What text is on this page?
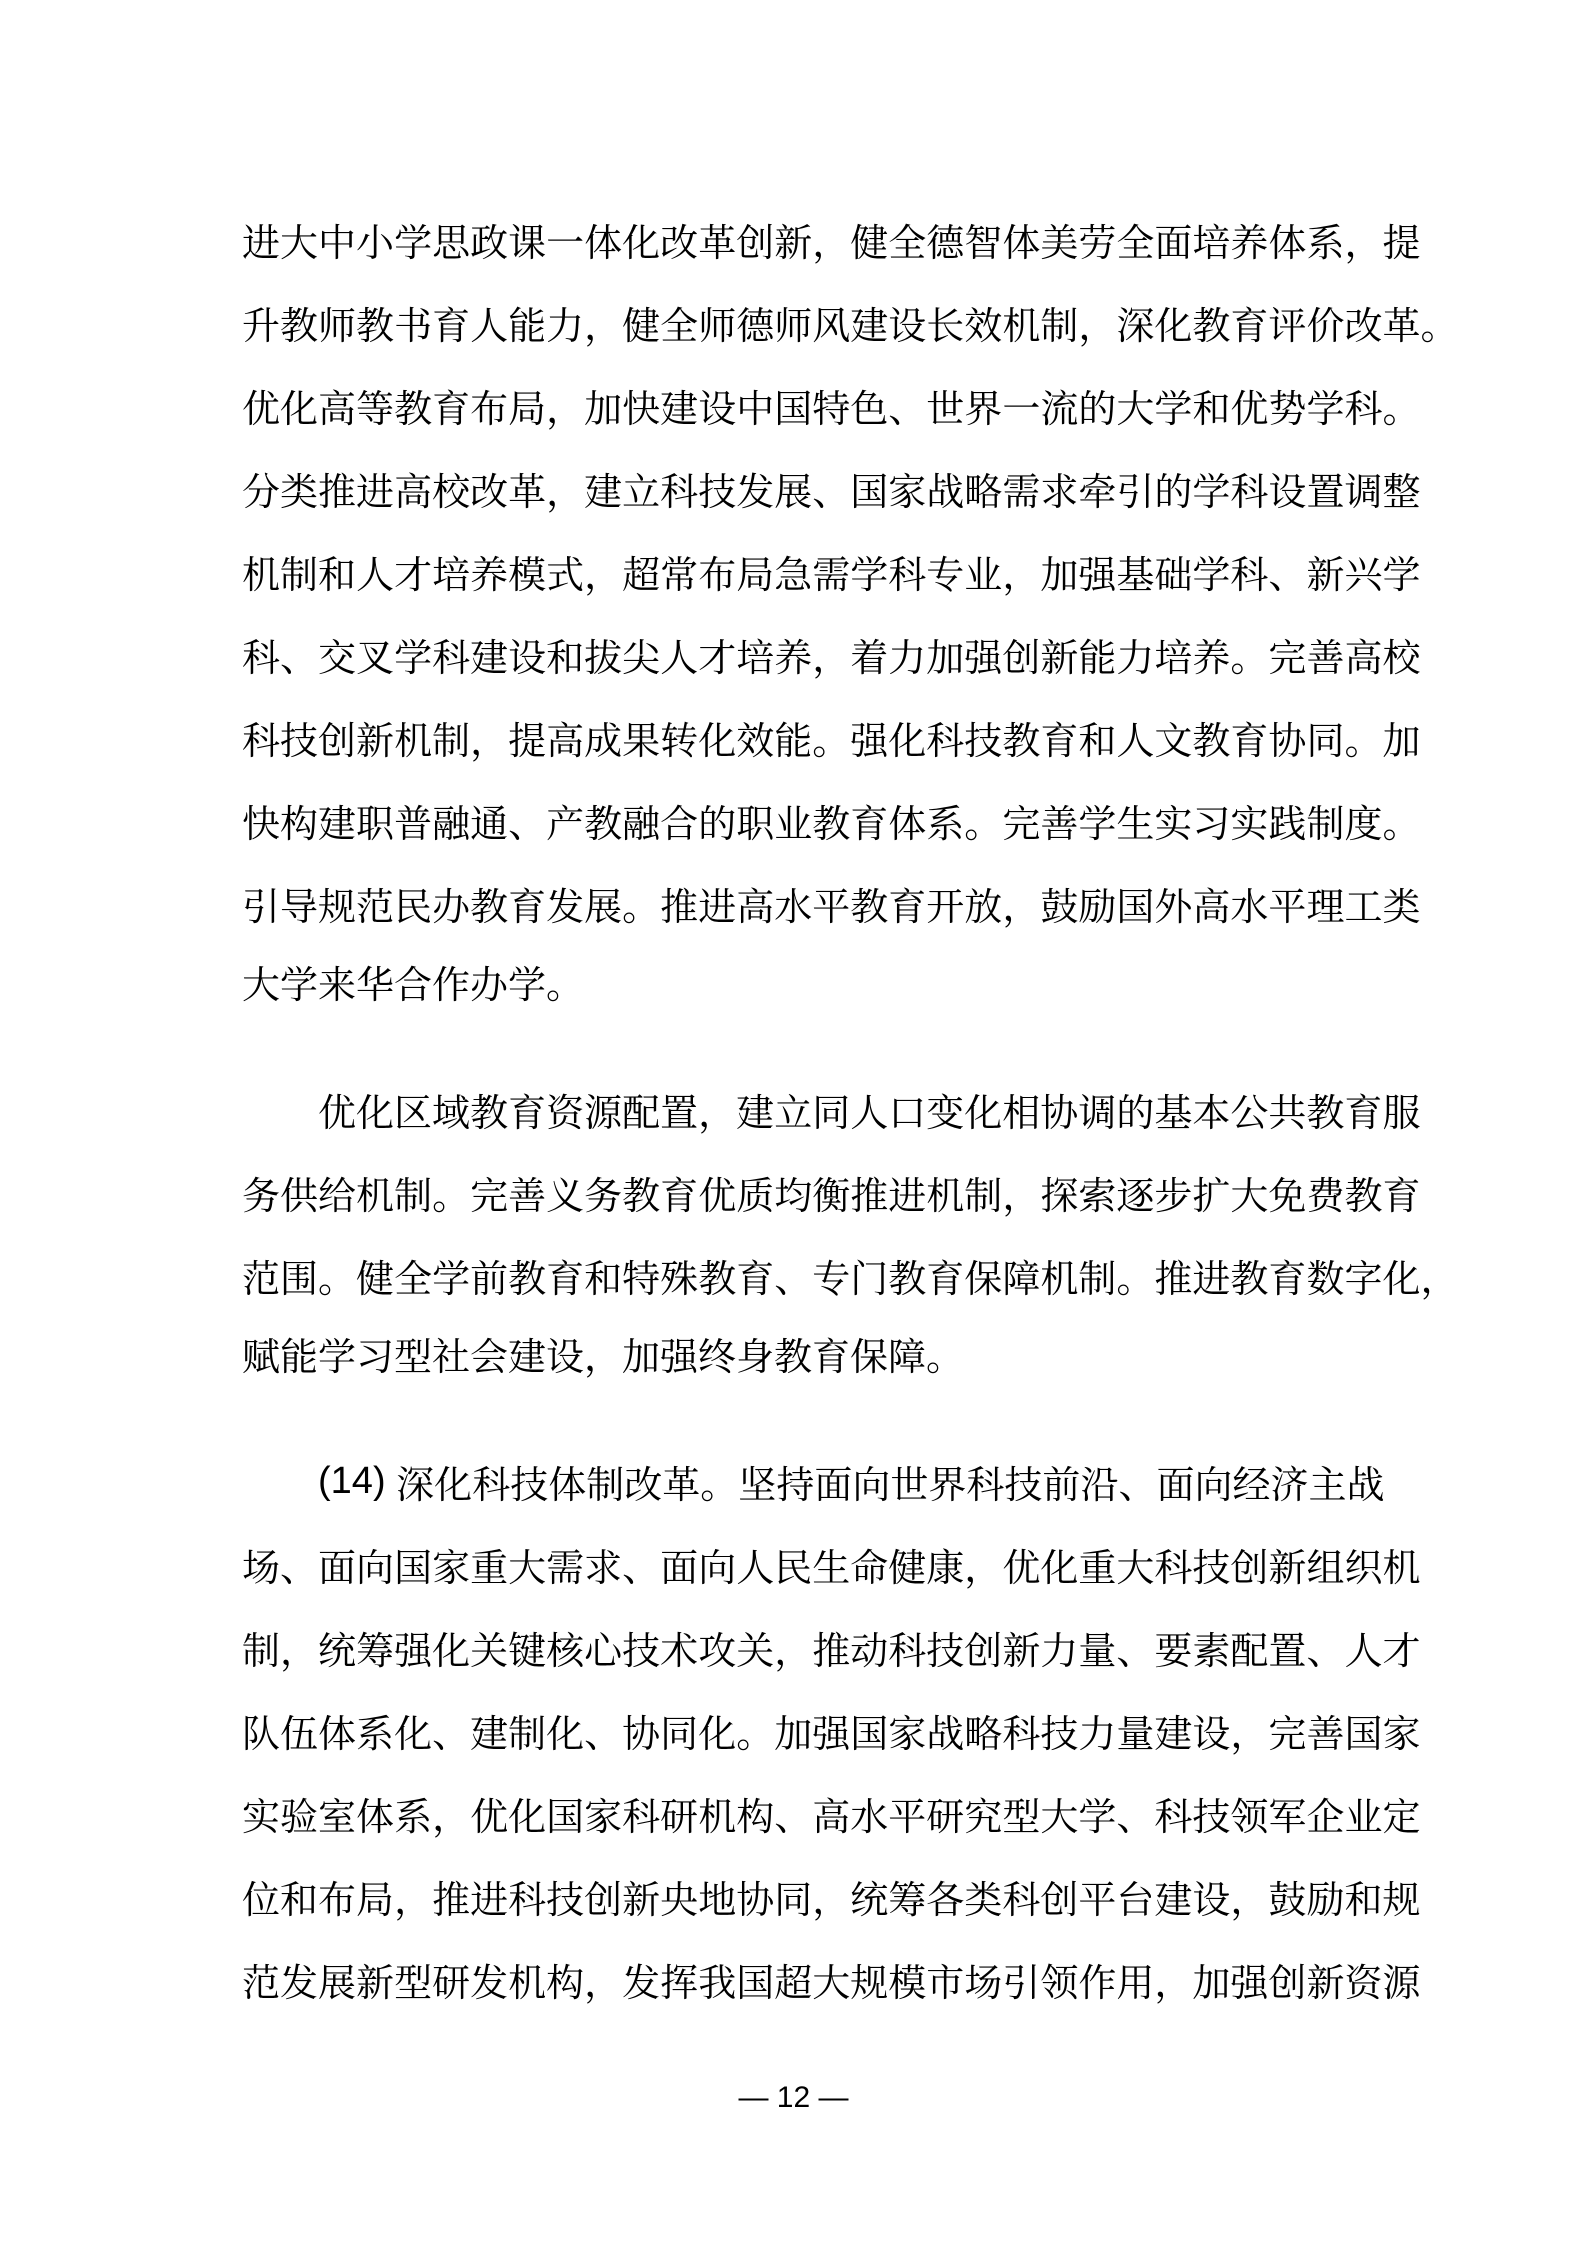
进 大 中 小 学 思 政 课 一 体 化 改 革 创 新 ， 健 全 德 智 体 美 劳 全 面 培 养 体 系 ， 提
升 教 师 教 书 育 人 能 力 ， 健 全 师 德 师 风 建 设 长 效 机 制 ， 深 化 教 育 评 价 改 革 。
优 化 高 等 教 育 布 局 ， 加 快 建 设 中 国 特 色 、 世 界 一 流 的 大 学 和 优 势 学 科 。
分 类 推 进 高 校 改 革 ， 建 立 科 技 发 展 、 国 家 战 略 需 求 牵 引 的 学 科 设 置 调 整
机 制 和 人 才 培 养 模 式 ， 超 常 布 局 急 需 学 科 专 业 ， 加 强 基 础 学 科 、 新 兴 学
科 、 交 叉 学 科 建 设 和 拔 尖 人 才 培 养 ， 着 力 加 强 创 新 能 力 培 养 。 完 善 高 校
科 技 创 新 机 制 ， 提 高 成 果 转 化 效 能 。 强 化 科 技 教 育 和 人 文 教 育 协 同 。 加
快 构 建 职 普 融 通 、 产 教 融 合 的 职 业 教 育 体 系 。 完 善 学 生 实 习 实 践 制 度 。
引 导 规 范 民 办 教 育 发 展 。 推 进 高 水 平 教 育 开 放 ， 鼓 励 国 外 高 水 平 理 工 类
大学来华合作办学。
优 化 区 域 教 育 资 源 配 置 ， 建 立 同 人 口 变 化 相 协 调 的 基 本 公 共 教 育 服
务 供 给 机 制 。 完 善 义 务 教 育 优 质 均 衡 推 进 机 制 ， 探 索 逐 步 扩 大 免 费 教 育
范 围 。 健 全 学 前 教 育 和 特 殊 教 育 、 专 门 教 育 保 障 机 制 。 推 进 教 育 数 字 化 ，
赋能学习型社会建设，加强终身教育保障。
( 1 4 )
深 化 科 技 体 制 改 革 。 坚 持 面 向 世 界 科 技 前 沿 、 面 向 经 济 主 战
场 、 面 向 国 家 重 大 需 求 、 面 向 人 民 生 命 健 康 ， 优 化 重 大 科 技 创 新 组 织 机
制 ， 统 筹 强 化 关 键 核 心 技 术 攻 关 ， 推 动 科 技 创 新 力 量 、 要 素 配 置 、 人 才
队 伍 体 系 化 、 建 制 化 、 协 同 化 。 加 强 国 家 战 略 科 技 力 量 建 设 ， 完 善 国 家
实 验 室 体 系 ， 优 化 国 家 科 研 机 构 、 高 水 平 研 究 型 大 学 、 科 技 领 军 企 业 定
位 和 布 局 ， 推 进 科 技 创 新 央 地 协 同 ， 统 筹 各 类 科 创 平 台 建 设 ， 鼓 励 和 规
范 发 展 新 型 研 发 机 构 ， 发 挥 我 国 超 大 规 模 市 场 引 领 作 用 ， 加 强 创 新 资 源
— 12 —
